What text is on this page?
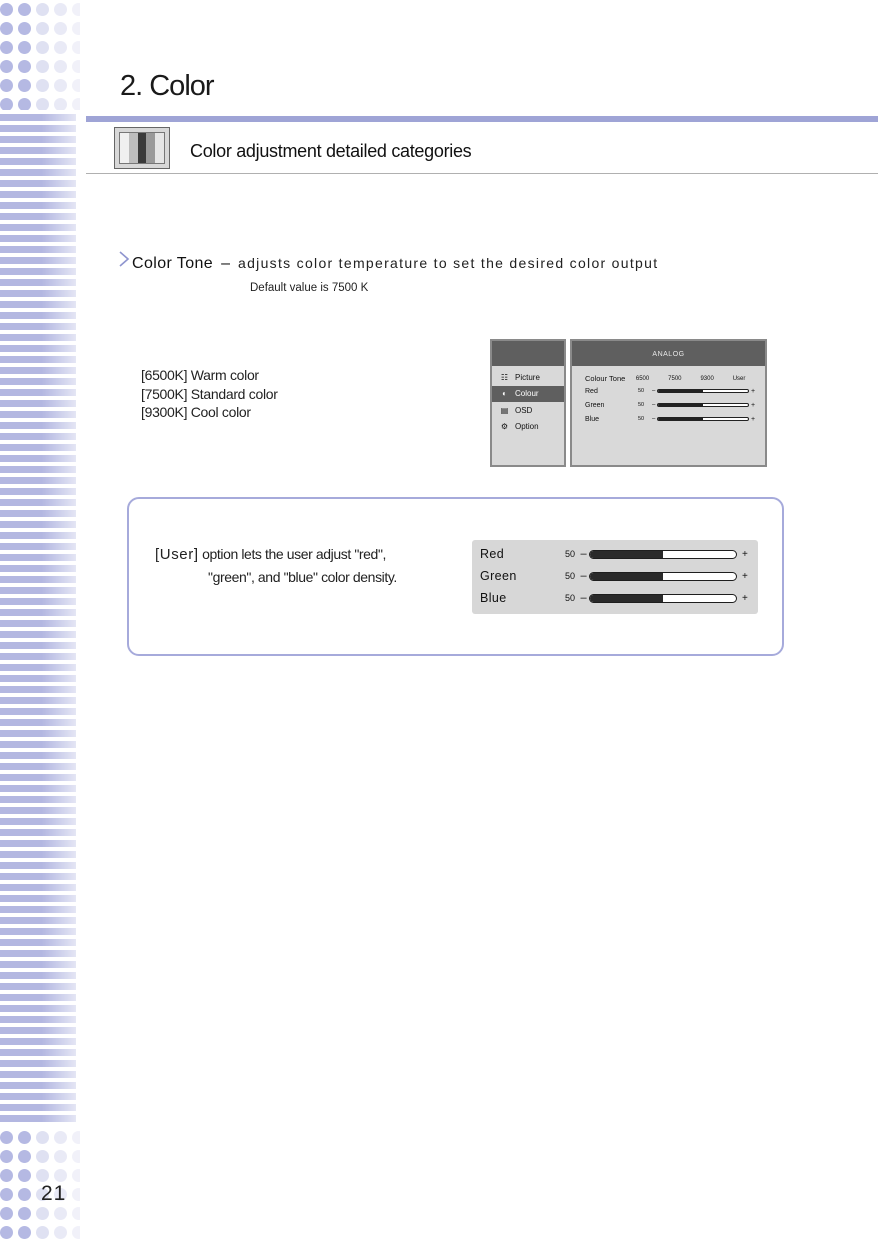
2. Color
Color adjustment detailed categories
Color Tone – adjusts color temperature to set the desired color output
Default value is 7500 K
[6500K] Warm color
[7500K] Standard color
[9300K] Cool color
☷ Picture
◐	Colour
▤ OSD
⚙ Option
ANALOG
Colour Tone	6500	7500	9300	User
Red	50	–	+
Green	50	–	+
Blue	50	–	+
[User] option lets the user adjust "red",
"green", and "blue" color density.
Red	50 –	+
Green	50 –	+
Blue	50 –	+
21
